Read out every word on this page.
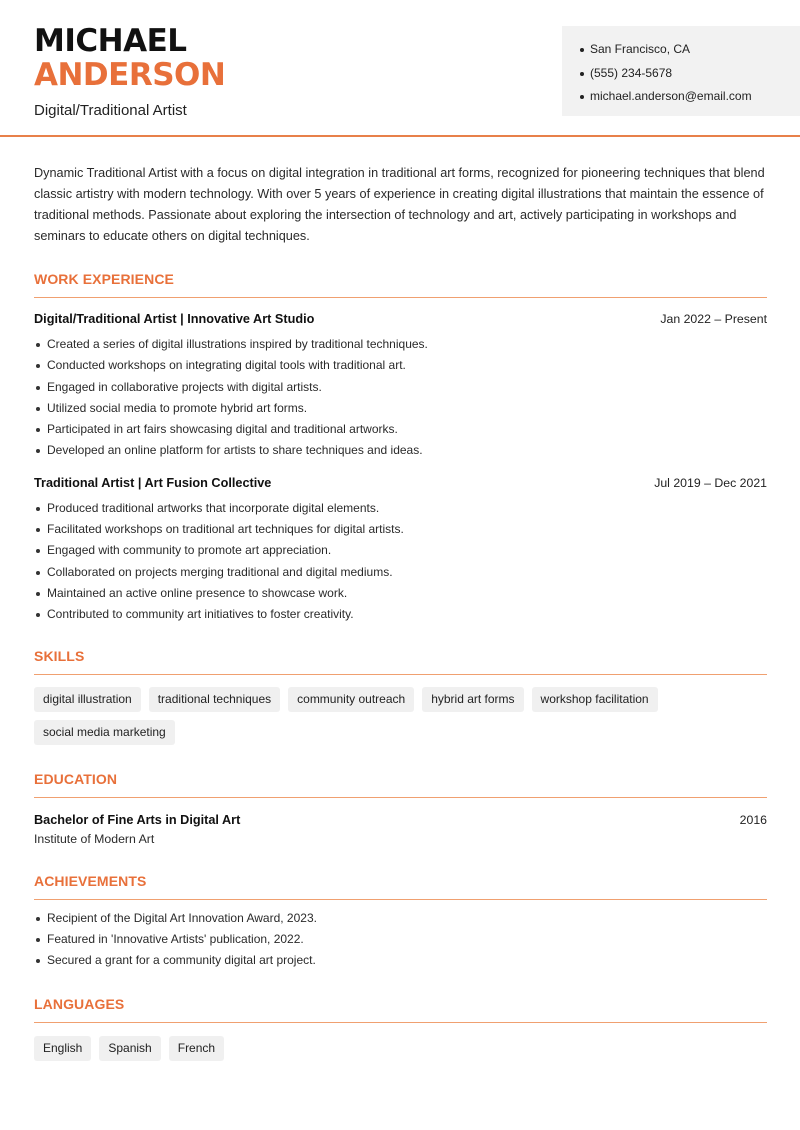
MICHAEL
ANDERSON
Digital/Traditional Artist
San Francisco, CA
(555) 234-5678
michael.anderson@email.com

Dynamic Traditional Artist with a focus on digital integration in traditional art forms, recognized for pioneering techniques that blend classic artistry with modern technology. With over 5 years of experience in creating digital illustrations that maintain the essence of traditional methods. Passionate about exploring the intersection of technology and art, actively participating in workshops and seminars to educate others on digital techniques.

WORK EXPERIENCE
Digital/Traditional Artist | Innovative Art Studio	Jan 2022 – Present
Created a series of digital illustrations inspired by traditional techniques.
Conducted workshops on integrating digital tools with traditional art.
Engaged in collaborative projects with digital artists.
Utilized social media to promote hybrid art forms.
Participated in art fairs showcasing digital and traditional artworks.
Developed an online platform for artists to share techniques and ideas.
Traditional Artist | Art Fusion Collective	Jul 2019 – Dec 2021
Produced traditional artworks that incorporate digital elements.
Facilitated workshops on traditional art techniques for digital artists.
Engaged with community to promote art appreciation.
Collaborated on projects merging traditional and digital mediums.
Maintained an active online presence to showcase work.
Contributed to community art initiatives to foster creativity.
SKILLS
digital illustration	traditional techniques	community outreach	hybrid art forms	workshop facilitation
social media marketing
EDUCATION
Bachelor of Fine Arts in Digital Art	2016
Institute of Modern Art
ACHIEVEMENTS
Recipient of the Digital Art Innovation Award, 2023.
Featured in 'Innovative Artists' publication, 2022.
Secured a grant for a community digital art project.
LANGUAGES
English	Spanish	French
